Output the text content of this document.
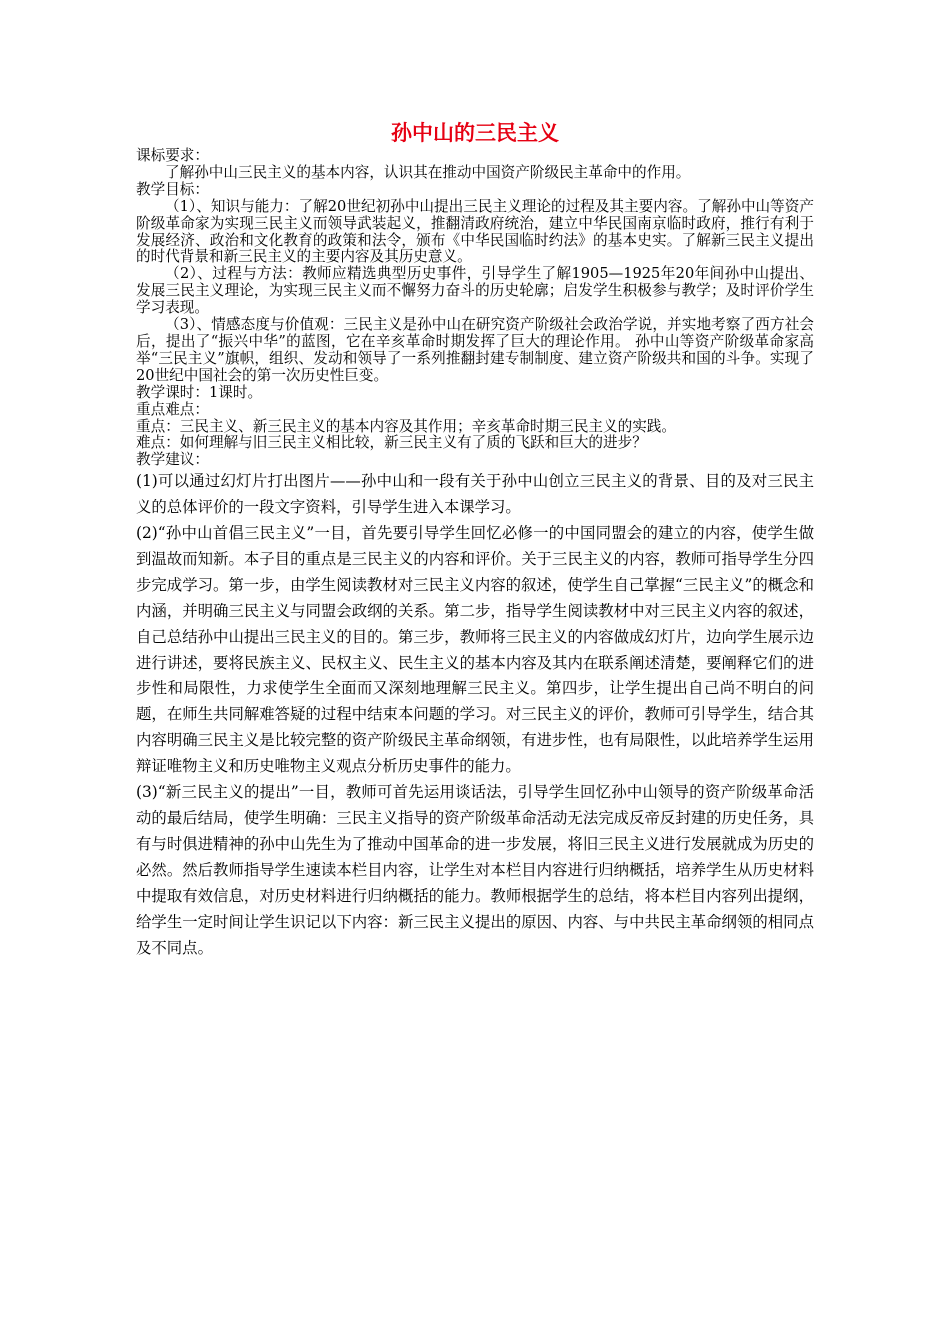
孙中山的三民主义

课标要求：

了解孙中山三民主义的基本内容，认识其在推动中国资产阶级民主革命中的作用。

教学目标：

（1）、知识与能力：了解20世纪初孙中山提出三民主义理论的过程及其主要内容。了解孙中山等资产阶级革命家为实现三民主义而领导武装起义，推翻清政府统治，建立中华民国南京临时政府，推行有利于发展经济、政治和文化教育的政策和法令，颁布《中华民国临时约法》的基本史实。了解新三民主义提出的时代背景和新三民主义的主要内容及其历史意义。

（2）、过程与方法：教师应精选典型历史事件，引导学生了解1905—1925年20年间孙中山提出、发展三民主义理论，为实现三民主义而不懈努力奋斗的历史轮廓；启发学生积极参与教学；及时评价学生学习表现。

（3）、情感态度与价值观：三民主义是孙中山在研究资产阶级社会政治学说，并实地考察了西方社会后，提出了“振兴中华”的蓝图，它在辛亥革命时期发挥了巨大的理论作用。 孙中山等资产阶级革命家高举“三民主义”旗帜，组织、发动和领导了一系列推翻封建专制制度、建立资产阶级共和国的斗争。实现了20世纪中国社会的第一次历史性巨变。

教学课时：1课时。

重点难点：

重点：三民主义、新三民主义的基本内容及其作用；辛亥革命时期三民主义的实践。

难点：如何理解与旧三民主义相比较，新三民主义有了质的飞跃和巨大的进步？

教学建议：

(1)可以通过幻灯片打出图片——孙中山和一段有关于孙中山创立三民主义的背景、目的及对三民主义的总体评价的一段文字资料，引导学生进入本课学习。

(2)“孙中山首倡三民主义”一目，首先要引导学生回忆必修一的中国同盟会的建立的内容，使学生做到温故而知新。本子目的重点是三民主义的内容和评价。关于三民主义的内容，教师可指导学生分四步完成学习。第一步，由学生阅读教材对三民主义内容的叙述，使学生自己掌握“三民主义”的概念和内涵，并明确三民主义与同盟会政纲的关系。第二步，指导学生阅读教材中对三民主义内容的叙述，自己总结孙中山提出三民主义的目的。第三步，教师将三民主义的内容做成幻灯片，边向学生展示边进行讲述，要将民族主义、民权主义、民生主义的基本内容及其内在联系阐述清楚，要阐释它们的进步性和局限性，力求使学生全面而又深刻地理解三民主义。第四步，让学生提出自己尚不明白的问题，在师生共同解难答疑的过程中结束本问题的学习。对三民主义的评价，教师可引导学生，结合其内容明确三民主义是比较完整的资产阶级民主革命纲领，有进步性，也有局限性，以此培养学生运用辩证唯物主义和历史唯物主义观点分析历史事件的能力。

(3)“新三民主义的提出”一目，教师可首先运用谈话法，引导学生回忆孙中山领导的资产阶级革命活动的最后结局，使学生明确：三民主义指导的资产阶级革命活动无法完成反帝反封建的历史任务，具有与时俱进精神的孙中山先生为了推动中国革命的进一步发展，将旧三民主义进行发展就成为历史的必然。然后教师指导学生速读本栏目内容，让学生对本栏目内容进行归纳概括，培养学生从历史材料中提取有效信息，对历史材料进行归纳概括的能力。教师根据学生的总结，将本栏目内容列出提纲，给学生一定时间让学生识记以下内容：新三民主义提出的原因、内容、与中共民主革命纲领的相同点及不同点。
